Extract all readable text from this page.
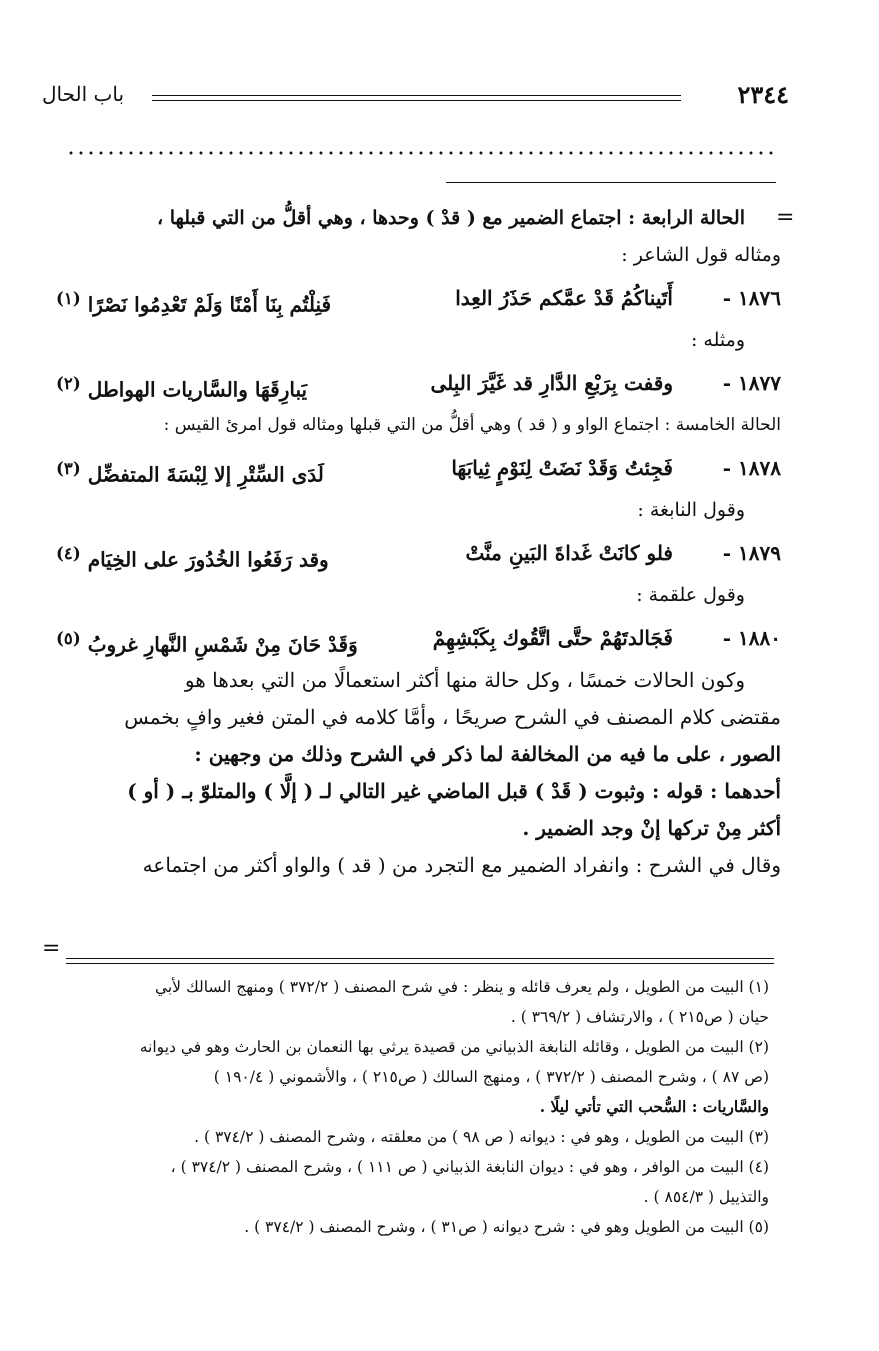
٢٣٤٤
باب الحال
=
الحالة الرابعة : اجتماع الضمير مع ( قدْ ) وحدها ، وهي أقلُّ من التي قبلها ،
ومثاله قول الشاعر :
١٨٧٦ -
أَتَيناكُمُ قَدْ عمَّكم حَذَرُ العِدا
فَنِلْتُم بِنَا أَمْنًا وَلَمْ تَعْدِمُوا نَصْرًا $^{(١)}$
ومثله :
١٨٧٧ -
وقفت بِرَبْعِ الدَّارِ قد غَيَّرَ البِلى
يَبارِقَهَا والسَّاريات الهواطل $^{(٢)}$
الحالة الخامسة : اجتماع الواو و ( قد ) وهي أقلُّ من التي قبلها ومثاله قول امرئ القيس :
١٨٧٨ -
فَجِئتُ وَقَدْ نَضَتْ لِنَوْمٍ ثِيابَهَا
لَدَى السِّتْرِ إلا لِبْسَةَ المتفضِّل $^{(٣)}$
وقول النابغة :
١٨٧٩ -
فلو كانَتْ غَداةَ البَينِ منَّتْ
وقد رَفَعُوا الخُدُورَ على الخِيَام $^{(٤)}$
وقول علقمة :
١٨٨٠ -
فَجَالدتَهُمْ حتَّى اتَّقُوك بِكَبْشِهِمْ
وَقَدْ حَانَ مِنْ شَمْسِ النَّهارِ غروبُ $^{(٥)}$
وكون الحالات خمسًا ، وكل حالة منها أكثر استعمالًا من التي بعدها هو
مقتضى كلام المصنف في الشرح صريحًا ، وأمَّا كلامه في المتن فغير وافٍ بخمس
الصور ، على ما فيه من المخالفة لما ذكر في الشرح وذلك من وجهين :
أحدهما : قوله : وثبوت ( قَدْ ) قبل الماضي غير التالي لـ ( إلَّا ) والمتلوّ بـ ( أو )
أكثر مِنْ تركها إنْ وجد الضمير .
وقال في الشرح : وانفراد الضمير مع التجرد من ( قد ) والواو أكثر من اجتماعه
=
(١) البيت من الطويل ، ولم يعرف قائله و ينظر : في شرح المصنف ( ٣٧٢/٢ ) ومنهج السالك لأبي
حيان ( ص٢١٥ ) ، والارتشاف ( ٣٦٩/٢ ) .
(٢) البيت من الطويل ، وقائله النابغة الذبياني من قصيدة يرثي بها النعمان بن الحارث وهو في ديوانه
(ص ٨٧ ) ، وشرح المصنف ( ٣٧٢/٢ ) ، ومنهج السالك ( ص٢١٥ ) ، والأشموني ( ١٩٠/٤ )
والسَّاريات : السُّحب التي تأتي ليلًا .
(٣) البيت من الطويل ، وهو في : ديوانه ( ص ٩٨ ) من معلقته ، وشرح المصنف ( ٣٧٤/٢ ) .
(٤) البيت من الوافر ، وهو في : ديوان النابغة الذبياني ( ص ١١١ ) ، وشرح المصنف ( ٣٧٤/٢ ) ،
والتذييل ( ٨٥٤/٣ ) .
(٥) البيت من الطويل وهو في : شرح ديوانه ( ص٣١ ) ، وشرح المصنف ( ٣٧٤/٢ ) .
